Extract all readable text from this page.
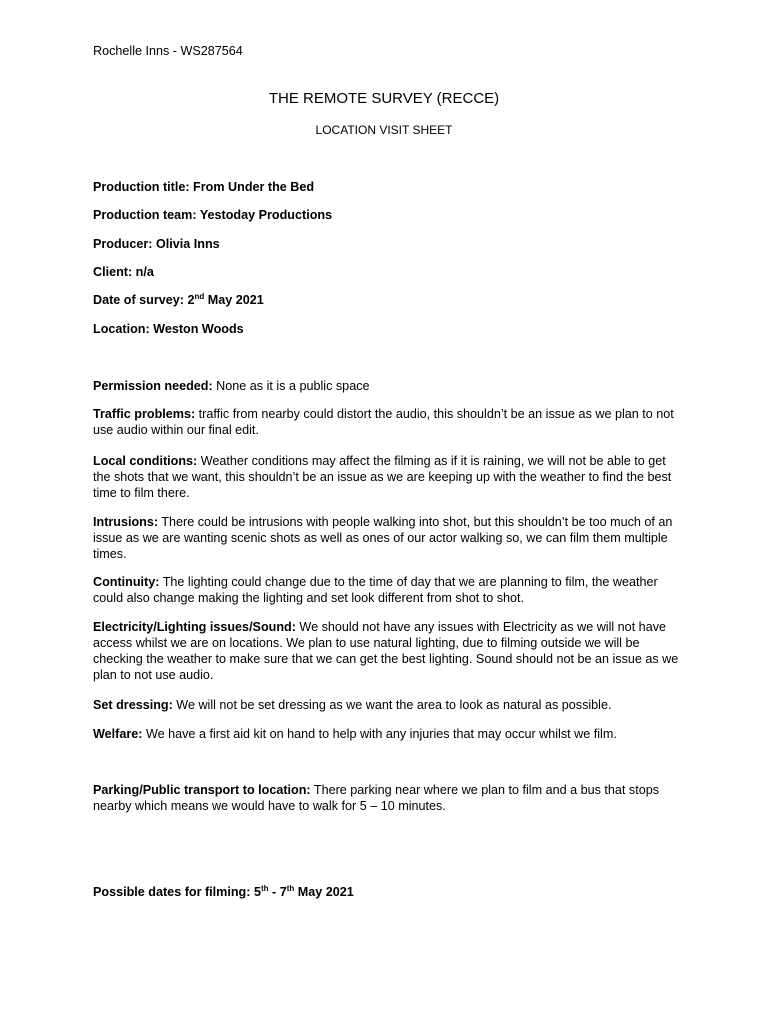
Rochelle Inns - WS287564
THE REMOTE SURVEY (RECCE)
LOCATION VISIT SHEET
Production title: From Under the Bed
Production team: Yestoday Productions
Producer: Olivia Inns
Client: n/a
Date of survey: 2nd May 2021
Location: Weston Woods
Permission needed: None as it is a public space
Traffic problems: traffic from nearby could distort the audio, this shouldn’t be an issue as we plan to not use audio within our final edit.
Local conditions: Weather conditions may affect the filming as if it is raining, we will not be able to get the shots that we want, this shouldn’t be an issue as we are keeping up with the weather to find the best time to film there.
Intrusions: There could be intrusions with people walking into shot, but this shouldn’t be too much of an issue as we are wanting scenic shots as well as ones of our actor walking so, we can film them multiple times.
Continuity: The lighting could change due to the time of day that we are planning to film, the weather could also change making the lighting and set look different from shot to shot.
Electricity/Lighting issues/Sound: We should not have any issues with Electricity as we will not have access whilst we are on locations. We plan to use natural lighting, due to filming outside we will be checking the weather to make sure that we can get the best lighting. Sound should not be an issue as we plan to not use audio.
Set dressing: We will not be set dressing as we want the area to look as natural as possible.
Welfare: We have a first aid kit on hand to help with any injuries that may occur whilst we film.
Parking/Public transport to location: There parking near where we plan to film and a bus that stops nearby which means we would have to walk for 5 – 10 minutes.
Possible dates for filming: 5th - 7th May 2021
